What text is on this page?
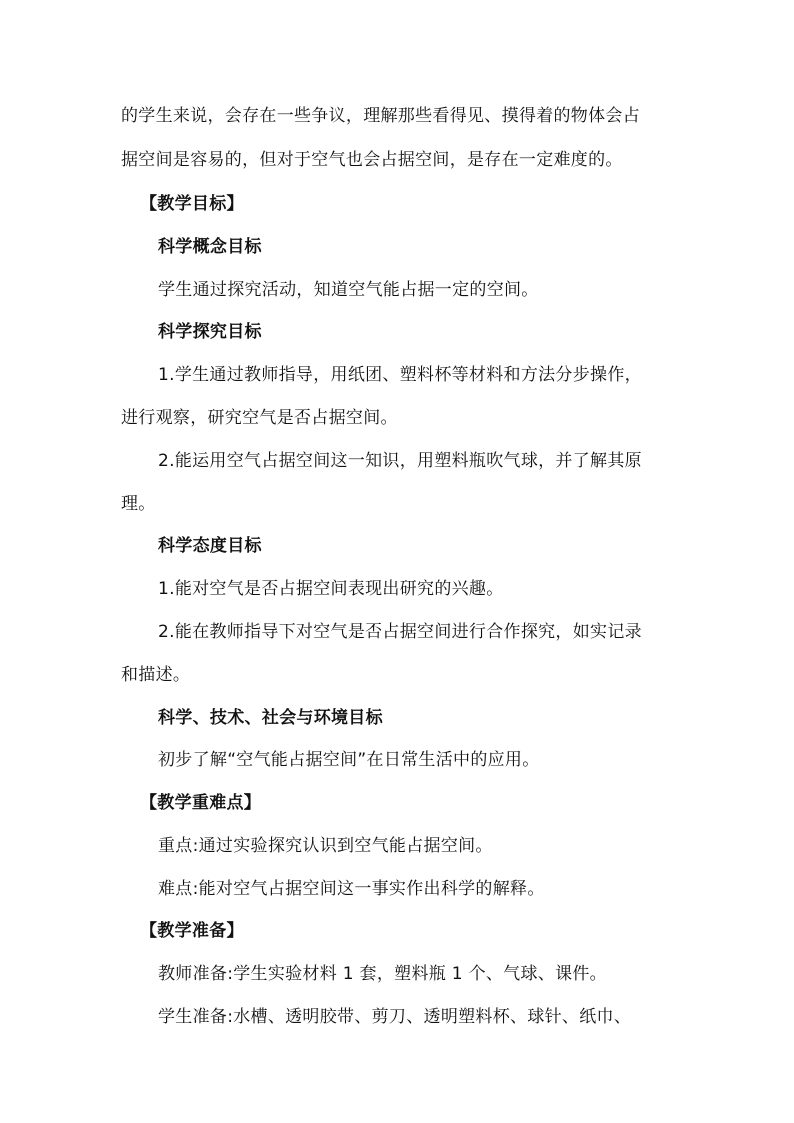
的学生来说，会存在一些争议，理解那些看得见、摸得着的物体会占
据空间是容易的，但对于空气也会占据空间，是存在一定难度的。
【教学目标】
科学概念目标
学生通过探究活动，知道空气能占据一定的空间。
科学探究目标
1.学生通过教师指导，用纸团、塑料杯等材料和方法分步操作，
进行观察，研究空气是否占据空间。
2.能运用空气占据空间这一知识，用塑料瓶吹气球，并了解其原
理。
科学态度目标
1.能对空气是否占据空间表现出研究的兴趣。
2.能在教师指导下对空气是否占据空间进行合作探究，如实记录
和描述。
科学、技术、社会与环境目标
初步了解“空气能占据空间”在日常生活中的应用。
【教学重难点】
重点:通过实验探究认识到空气能占据空间。
难点:能对空气占据空间这一事实作出科学的解释。
【教学准备】
教师准备:学生实验材料 1 套，塑料瓶 1 个、气球、课件。
学生准备:水槽、透明胶带、剪刀、透明塑料杯、球针、纸巾、
